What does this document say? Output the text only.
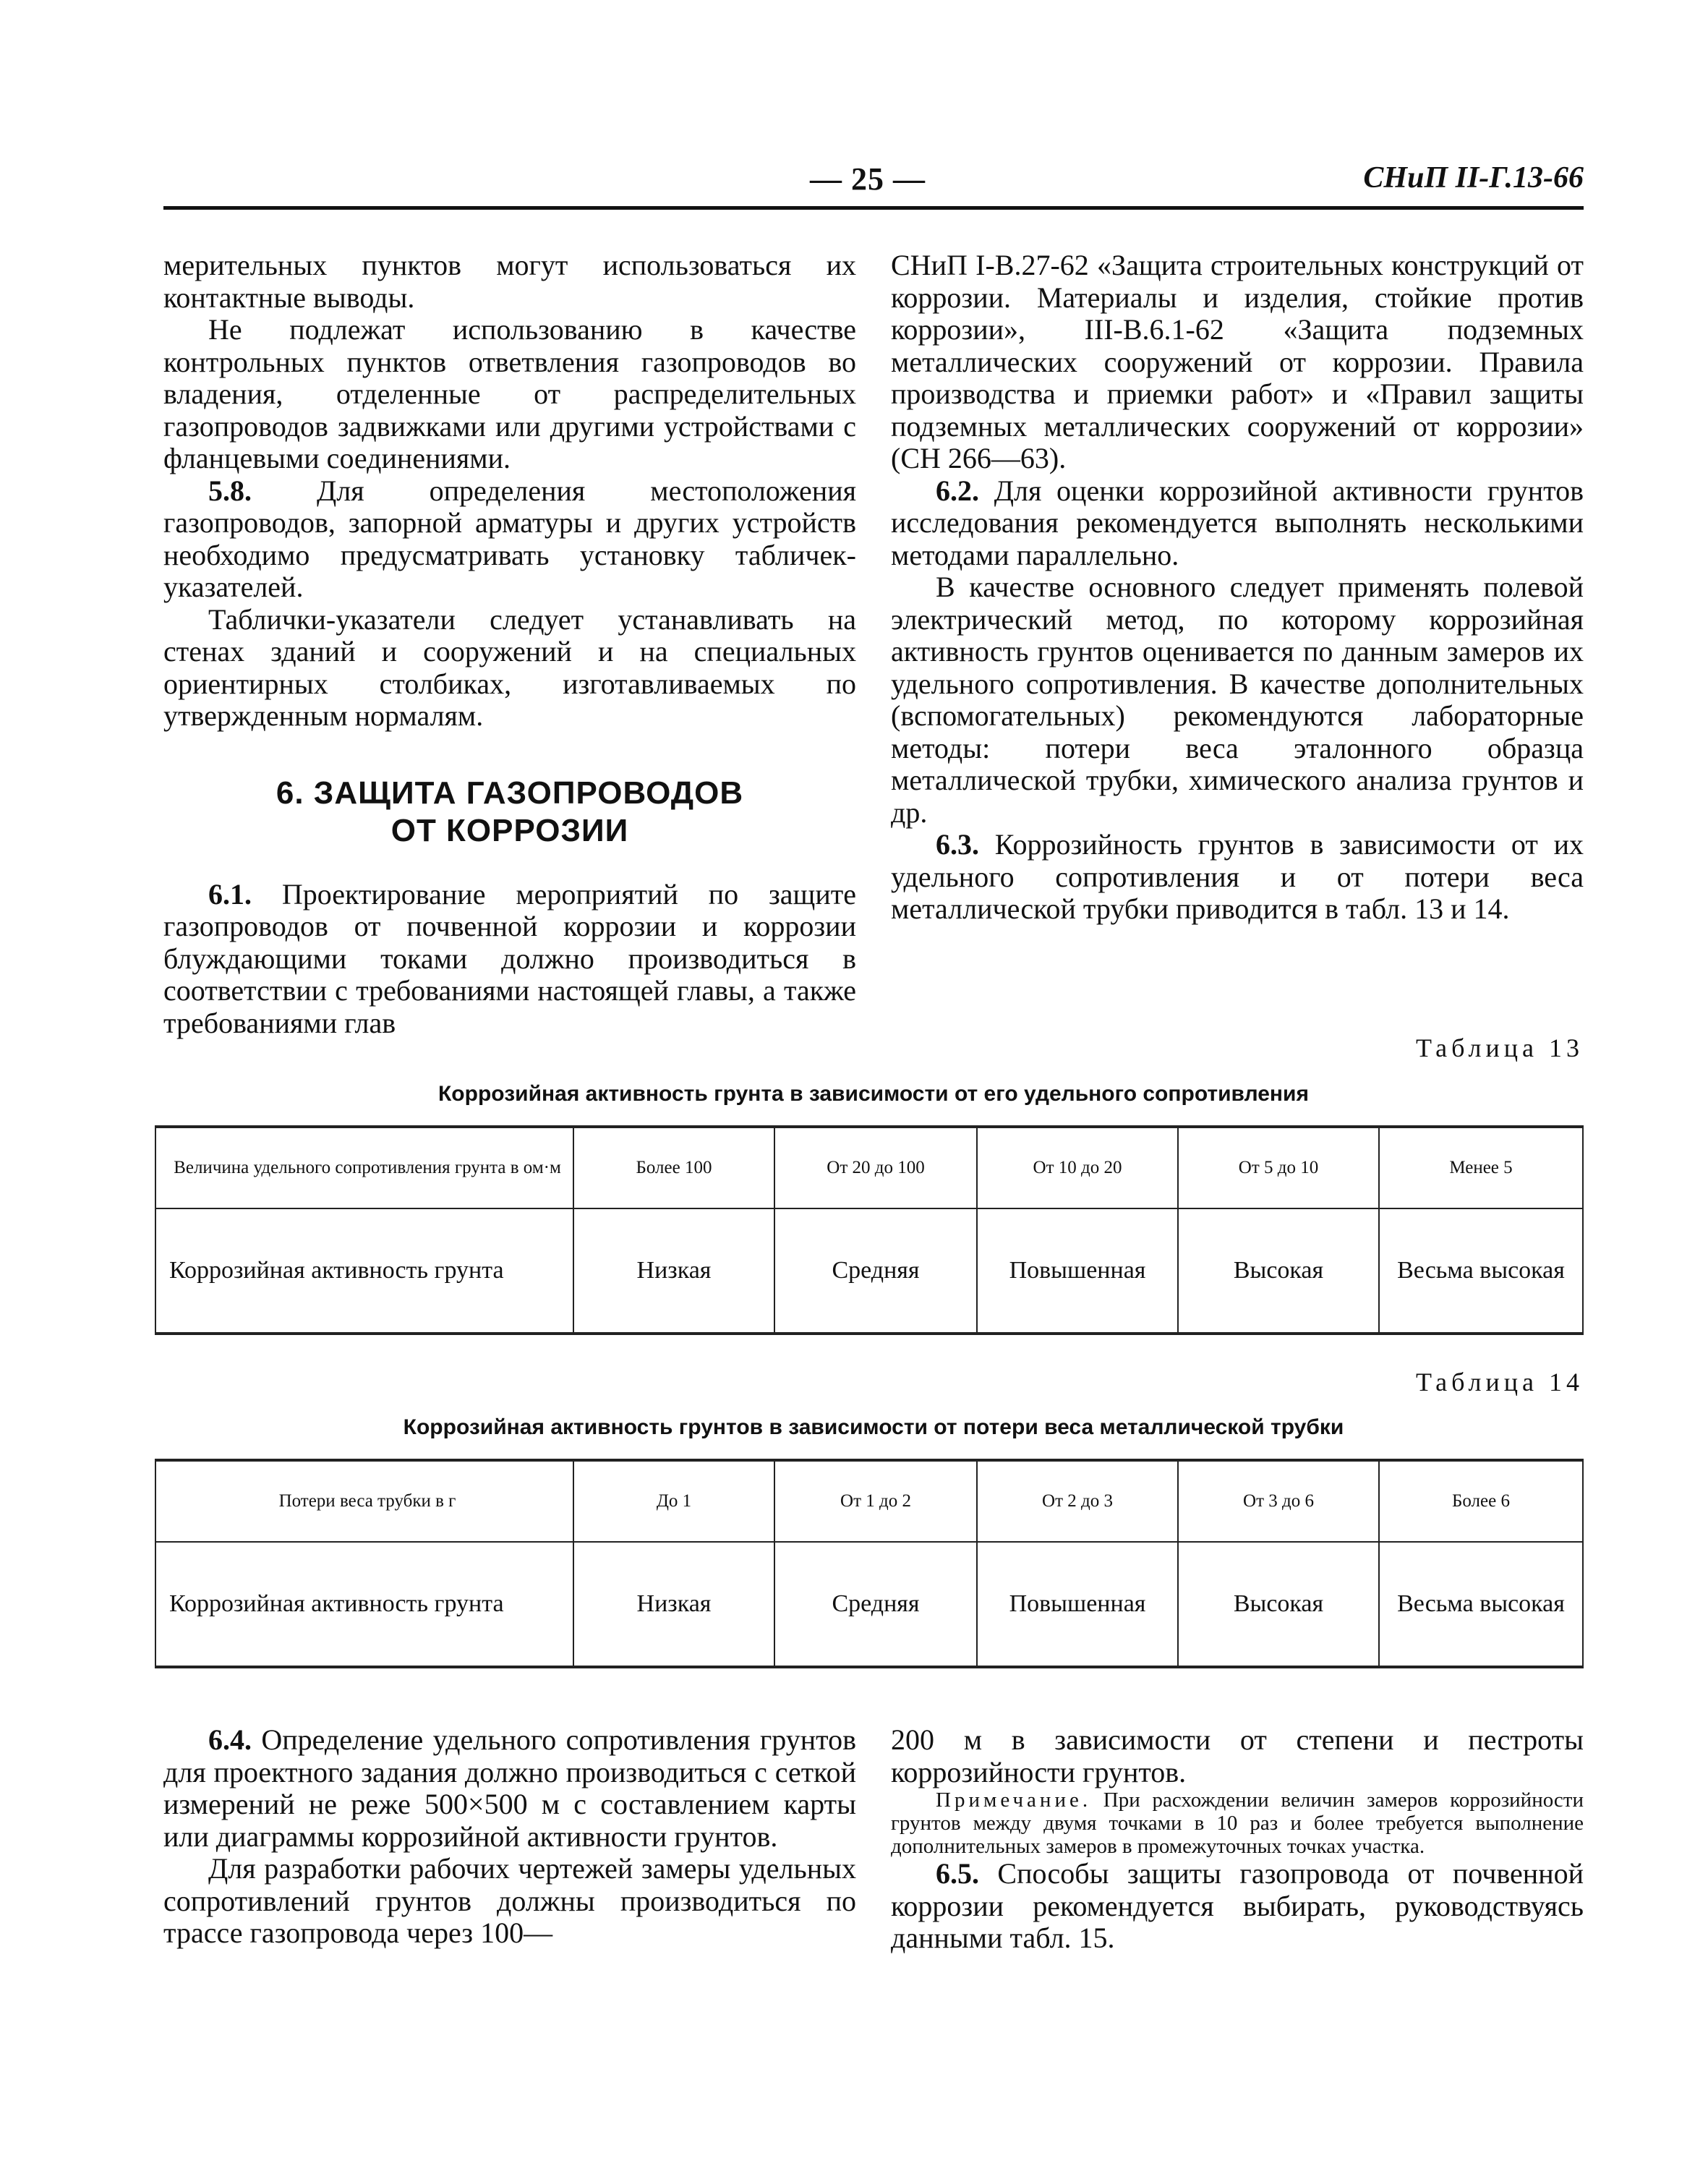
— 25 —	СНиП II-Г.13-66

мерительных пунктов могут использоваться их контактные выводы.

Не подлежат использованию в качестве контрольных пунктов ответвления газопроводов во владения, отделенные от распределительных газопроводов задвижками или другими устройствами с фланцевыми соединениями.

5.8. Для определения местоположения газопроводов, запорной арматуры и других устройств необходимо предусматривать установку табличек-указателей.

Таблички-указатели следует устанавливать на стенах зданий и сооружений и на специальных ориентирных столбиках, изготавливаемых по утвержденным нормалям.

6. ЗАЩИТА ГАЗОПРОВОДОВ
ОТ КОРРОЗИИ

6.1. Проектирование мероприятий по защите газопроводов от почвенной коррозии и коррозии блуждающими токами должно производиться в соответствии с требованиями настоящей главы, а также требованиями глав

СНиП I-В.27-62 «Защита строительных конструкций от коррозии. Материалы и изделия, стойкие против коррозии», III-В.6.1-62 «Защита подземных металлических сооружений от коррозии. Правила производства и приемки работ» и «Правил защиты подземных металлических сооружений от коррозии» (СН 266—63).

6.2. Для оценки коррозийной активности грунтов исследования рекомендуется выполнять несколькими методами параллельно.

В качестве основного следует применять полевой электрический метод, по которому коррозийная активность грунтов оценивается по данным замеров их удельного сопротивления. В качестве дополнительных (вспомогательных) рекомендуются лабораторные методы: потери веса эталонного образца металлической трубки, химического анализа грунтов и др.

6.3. Коррозийность грунтов в зависимости от их удельного сопротивления и от потери веса металлической трубки приводится в табл. 13 и 14.

Таблица 13
Коррозийная активность грунта в зависимости от его удельного сопротивления
Величина удельного сопротивления грунта в ом·м	Более 100	От 20 до 100	От 10 до 20	От 5 до 10	Менее 5
Коррозийная активность грунта	Низкая	Средняя	Повышенная	Высокая	Весьма высокая
Таблица 14
Коррозийная активность грунтов в зависимости от потери веса металлической трубки
Потери веса трубки в г	До 1	От 1 до 2	От 2 до 3	От 3 до 6	Более 6
Коррозийная активность грунта	Низкая	Средняя	Повышенная	Высокая	Весьма высокая

6.4. Определение удельного сопротивления грунтов для проектного задания должно производиться с сеткой измерений не реже 500×500 м с составлением карты или диаграммы коррозийной активности грунтов.

Для разработки рабочих чертежей замеры удельных сопротивлений грунтов должны производиться по трассе газопровода через 100—

200 м в зависимости от степени и пестроты коррозийности грунтов.

Примечание. При расхождении величин замеров коррозийности грунтов между двумя точками в 10 раз и более требуется выполнение дополнительных замеров в промежуточных точках участка.

6.5. Способы защиты газопровода от почвенной коррозии рекомендуется выбирать, руководствуясь данными табл. 15.
